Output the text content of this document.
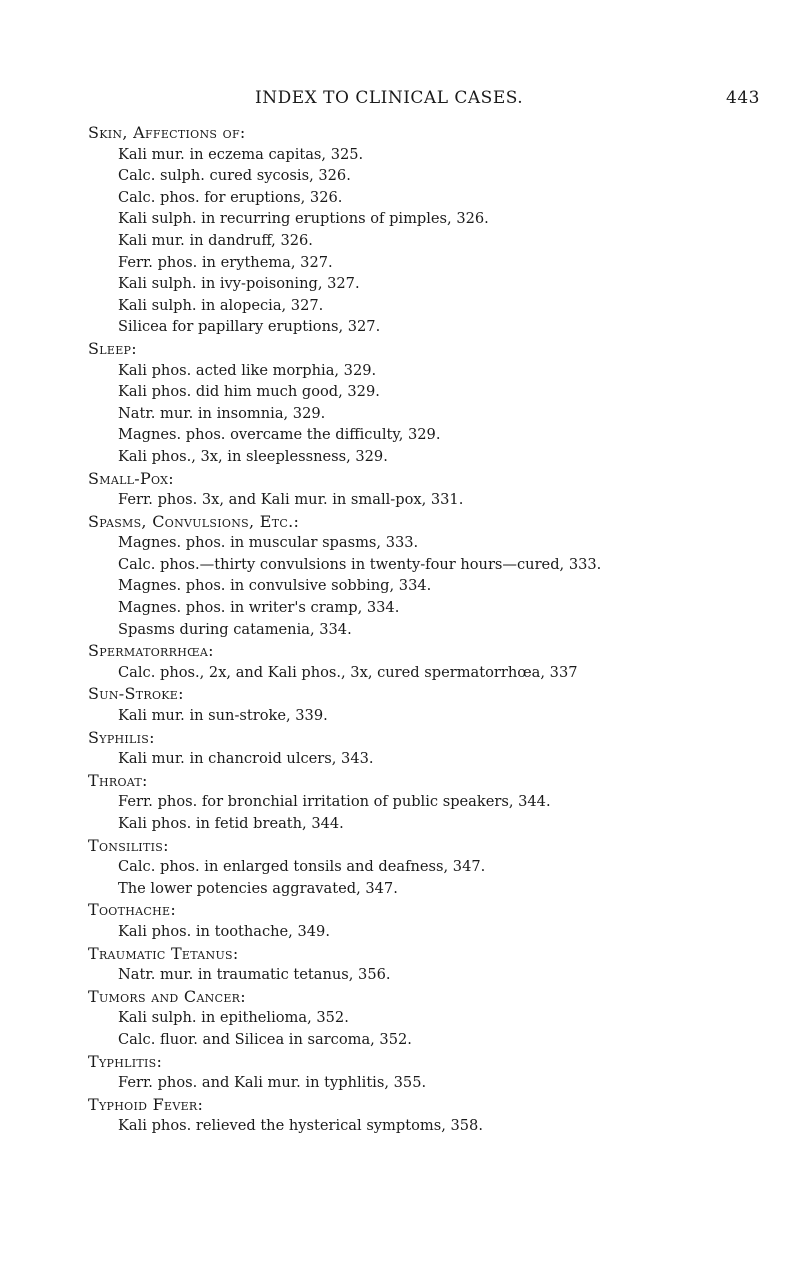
INDEX TO CLINICAL CASES.	443
Skin, Affections of:
Kali mur. in eczema capitas, 325.
Calc. sulph. cured sycosis, 326.
Calc. phos. for eruptions, 326.
Kali sulph. in recurring eruptions of pimples, 326.
Kali mur. in dandruff, 326.
Ferr. phos. in erythema, 327.
Kali sulph. in ivy-poisoning, 327.
Kali sulph. in alopecia, 327.
Silicea for papillary eruptions, 327.
Sleep:
Kali phos. acted like morphia, 329.
Kali phos. did him much good, 329.
Natr. mur. in insomnia, 329.
Magnes. phos. overcame the difficulty, 329.
Kali phos., 3x, in sleeplessness, 329.
Small-Pox:
Ferr. phos. 3x, and Kali mur. in small-pox, 331.
Spasms, Convulsions, Etc.:
Magnes. phos. in muscular spasms, 333.
Calc. phos.—thirty convulsions in twenty-four hours—cured, 333.
Magnes. phos. in convulsive sobbing, 334.
Magnes. phos. in writer's cramp, 334.
Spasms during catamenia, 334.
Spermatorrhœa:
Calc. phos., 2x, and Kali phos., 3x, cured spermatorrhœa, 337
Sun-Stroke:
Kali mur. in sun-stroke, 339.
Syphilis:
Kali mur. in chancroid ulcers, 343.
Throat:
Ferr. phos. for bronchial irritation of public speakers, 344.
Kali phos. in fetid breath, 344.
Tonsilitis:
Calc. phos. in enlarged tonsils and deafness, 347.
The lower potencies aggravated, 347.
Toothache:
Kali phos. in toothache, 349.
Traumatic Tetanus:
Natr. mur. in traumatic tetanus, 356.
Tumors and Cancer:
Kali sulph. in epithelioma, 352.
Calc. fluor. and Silicea in sarcoma, 352.
Typhlitis:
Ferr. phos. and Kali mur. in typhlitis, 355.
Typhoid Fever:
Kali phos. relieved the hysterical symptoms, 358.
